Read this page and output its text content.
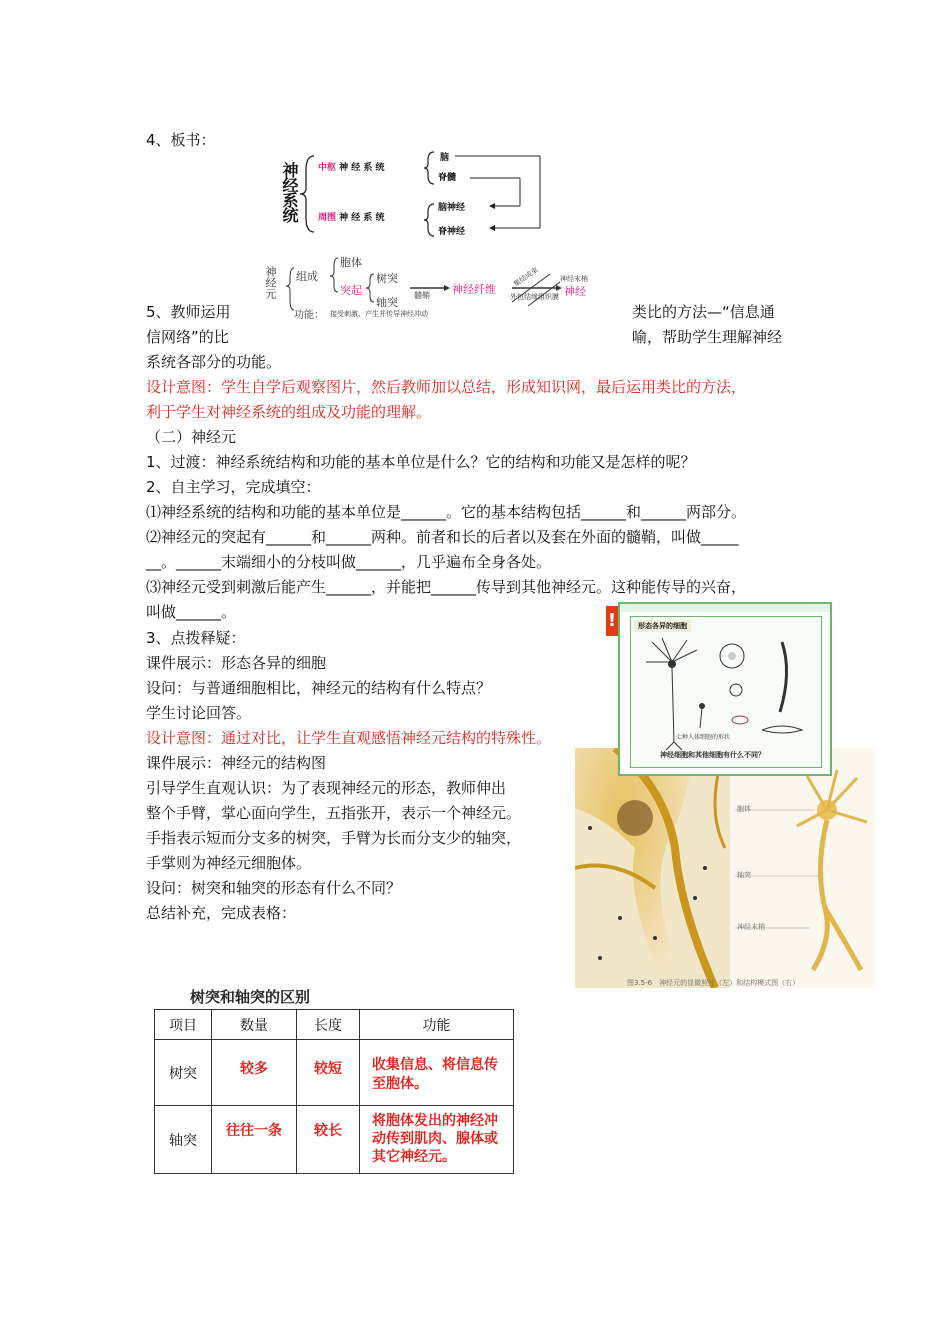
4、板书：
神经系统 中枢 神 经 系 统
周围 神 经 系 统
脑
脊髓
脑神经
脊神经
神经元 组成
胞体
突起
树突
轴突
髓鞘 神经纤维
集结成束
外包结缔组织膜
神经末梢
神经
功能： 接受刺激、产生并传导神经冲动
5、教师运用	类比的方法—“信息通
信网络”的比	喻，帮助学生理解神经
系统各部分的功能。
设计意图：学生自学后观察图片，然后教师加以总结，形成知识网，最后运用类比的方法，
利于学生对神经系统的组成及功能的理解。
（二）神经元
1、过渡：神经系统结构和功能的基本单位是什么？它的结构和功能又是怎样的呢？
2、自主学习，完成填空：
⑴神经系统的结构和功能的基本单位是______。它的基本结构包括______和______两部分。
⑵神经元的突起有______和______两种。前者和长的后者以及套在外面的髓鞘，叫做_____
__。______末端细小的分枝叫做______，几乎遍布全身各处。
⑶神经元受到刺激后能产生______，并能把______传导到其他神经元。这种能传导的兴奋，
叫做______。
3、点拨释疑：
课件展示：形态各异的细胞
设问：与普通细胞相比，神经元的结构有什么特点？
学生讨论回答。
设计意图：通过对比，让学生直观感悟神经元结构的特殊性。
课件展示：神经元的结构图
引导学生直观认识：为了表现神经元的形态，教师伸出
整个手臂，掌心面向学生，五指张开，表示一个神经元。
手指表示短而分支多的树突，手臂为长而分支少的轴突，
手掌则为神经元细胞体。
设问：树突和轴突的形态有什么不同？
总结补充，完成表格：
胞体
轴突
神经末梢
图3.5-6　神经元的显微照片（左）和结构模式图（右）
!	形态各异的细胞
七种人体细胞的形状
神经细胞和其他细胞有什么不同？
树突和轴突的区别
项目	数量	长度	功能
树突	较多	较短	收集信息、将信息传至胞体。
轴突	往往一条	较长	将胞体发出的神经冲动传到肌肉、腺体或其它神经元。
